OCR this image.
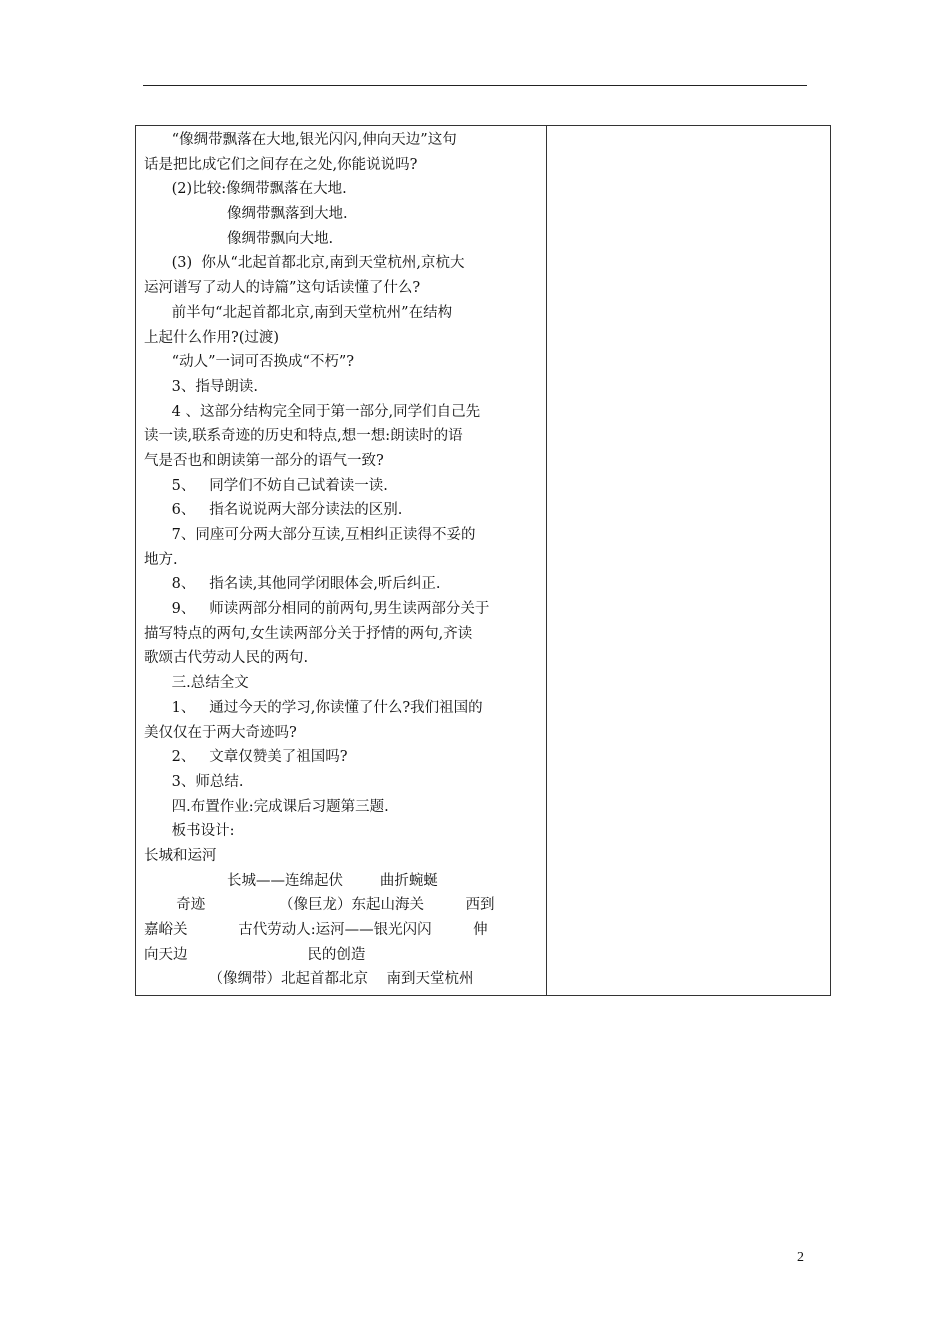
“像绸带飘落在大地,银光闪闪,伸向天边”这句
话是把比成它们之间存在之处,你能说说吗?
(2)比较:像绸带飘落在大地.
像绸带飘落到大地.
像绸带飘向大地.
(3)  你从“北起首都北京,南到天堂杭州,京杭大
运河谱写了动人的诗篇”这句话读懂了什么?
前半句“北起首都北京,南到天堂杭州”在结构
上起什么作用?(过渡)
“动人”一词可否换成“不朽”?
3、指导朗读.
4 、这部分结构完全同于第一部分,同学们自己先
读一读,联系奇迹的历史和特点,想一想:朗读时的语
气是否也和朗读第一部分的语气一致?
5、   同学们不妨自己试着读一读.
6、   指名说说两大部分读法的区别.
7、同座可分两大部分互读,互相纠正读得不妥的
地方.
8、   指名读,其他同学闭眼体会,听后纠正.
9、   师读两部分相同的前两句,男生读两部分关于
描写特点的两句,女生读两部分关于抒情的两句,齐读
歌颂古代劳动人民的两句.
三.总结全文
1、   通过今天的学习,你读懂了什么?我们祖国的
美仅仅在于两大奇迹吗?
2、   文章仅赞美了祖国吗?
3、师总结.
四.布置作业:完成课后习题第三题.
板书设计:
长城和运河
长城——连绵起伏        曲折蜿蜒
奇迹                （像巨龙）东起山海关         西到
嘉峪关           古代劳动人:运河——银光闪闪         伸
向天边                          民的创造
（像绸带）北起首都北京    南到天堂杭州
2
